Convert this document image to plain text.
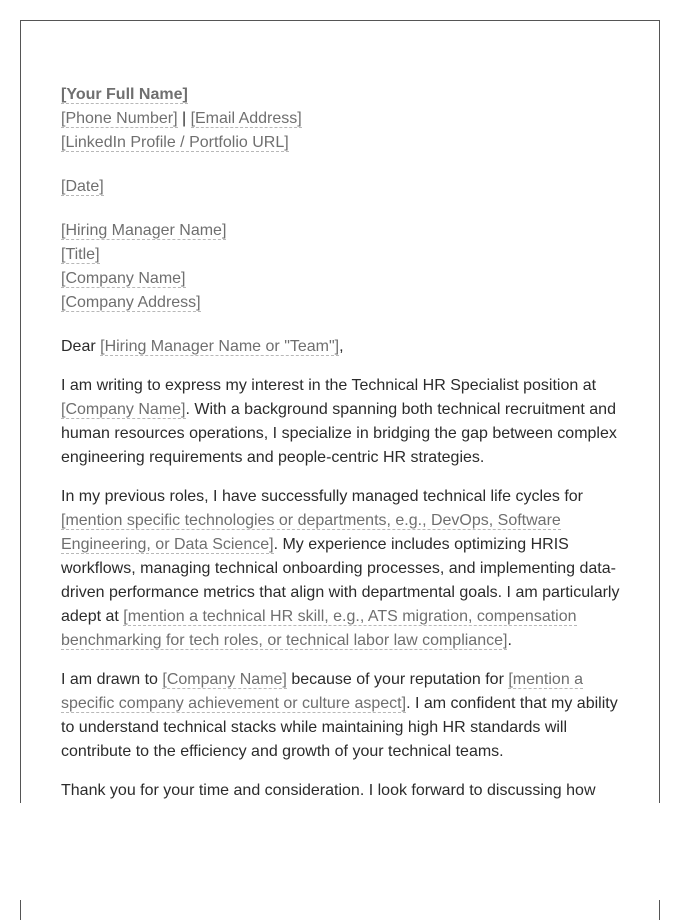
[Your Full Name]
[Phone Number] | [Email Address]
[LinkedIn Profile / Portfolio URL]
[Date]
[Hiring Manager Name]
[Title]
[Company Name]
[Company Address]

Dear [Hiring Manager Name or "Team"],

I am writing to express my interest in the Technical HR Specialist position at [Company Name]. With a background spanning both technical recruitment and human resources operations, I specialize in bridging the gap between complex engineering requirements and people-centric HR strategies.

In my previous roles, I have successfully managed technical life cycles for [mention specific technologies or departments, e.g., DevOps, Software Engineering, or Data Science]. My experience includes optimizing HRIS workflows, managing technical onboarding processes, and implementing data-driven performance metrics that align with departmental goals. I am particularly adept at [mention a technical HR skill, e.g., ATS migration, compensation benchmarking for tech roles, or technical labor law compliance].

I am drawn to [Company Name] because of your reputation for [mention a specific company achievement or culture aspect]. I am confident that my ability to understand technical stacks while maintaining high HR standards will contribute to the efficiency and growth of your technical teams.

Thank you for your time and consideration. I look forward to discussing how
